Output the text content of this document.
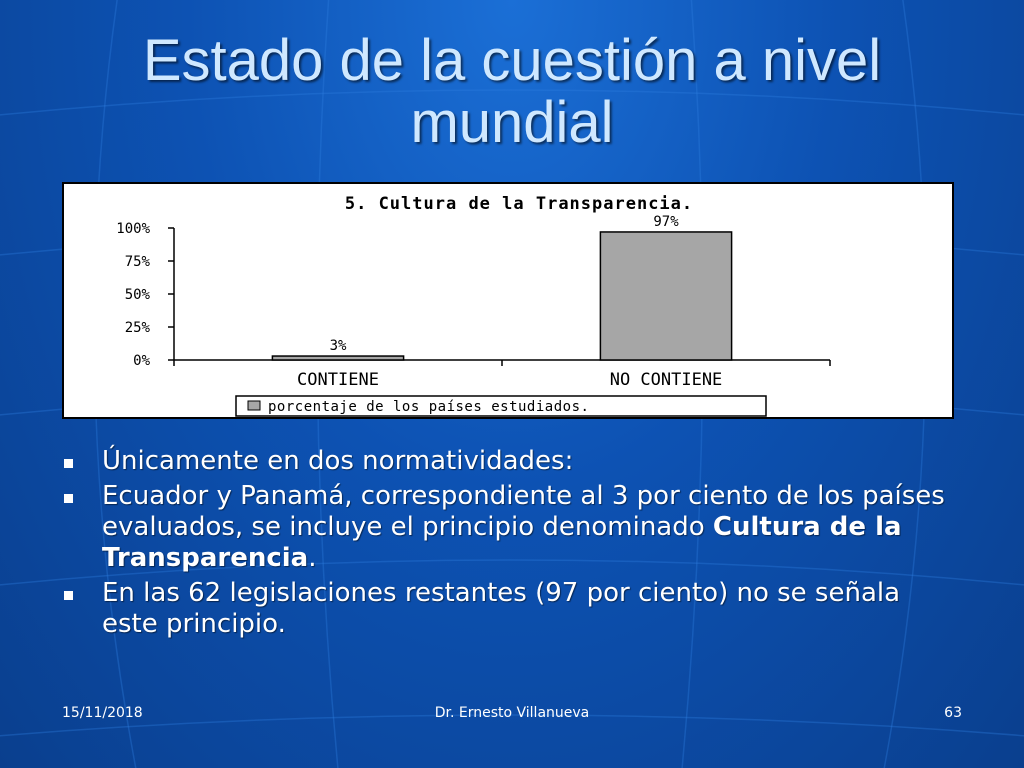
Estado de la cuestión a nivel mundial
5. Cultura de la Transparencia.
0%
25%
50%
75%
100%
3%
CONTIENE
97%
NO CONTIENE
porcentaje de los países estudiados.
Únicamente en dos normatividades:
Ecuador y Panamá, correspondiente al 3 por ciento de los países evaluados, se incluye el principio denominado Cultura de la Transparencia.
En las 62 legislaciones restantes (97 por ciento) no se señala este principio.
15/11/2018	Dr. Ernesto Villanueva	63
